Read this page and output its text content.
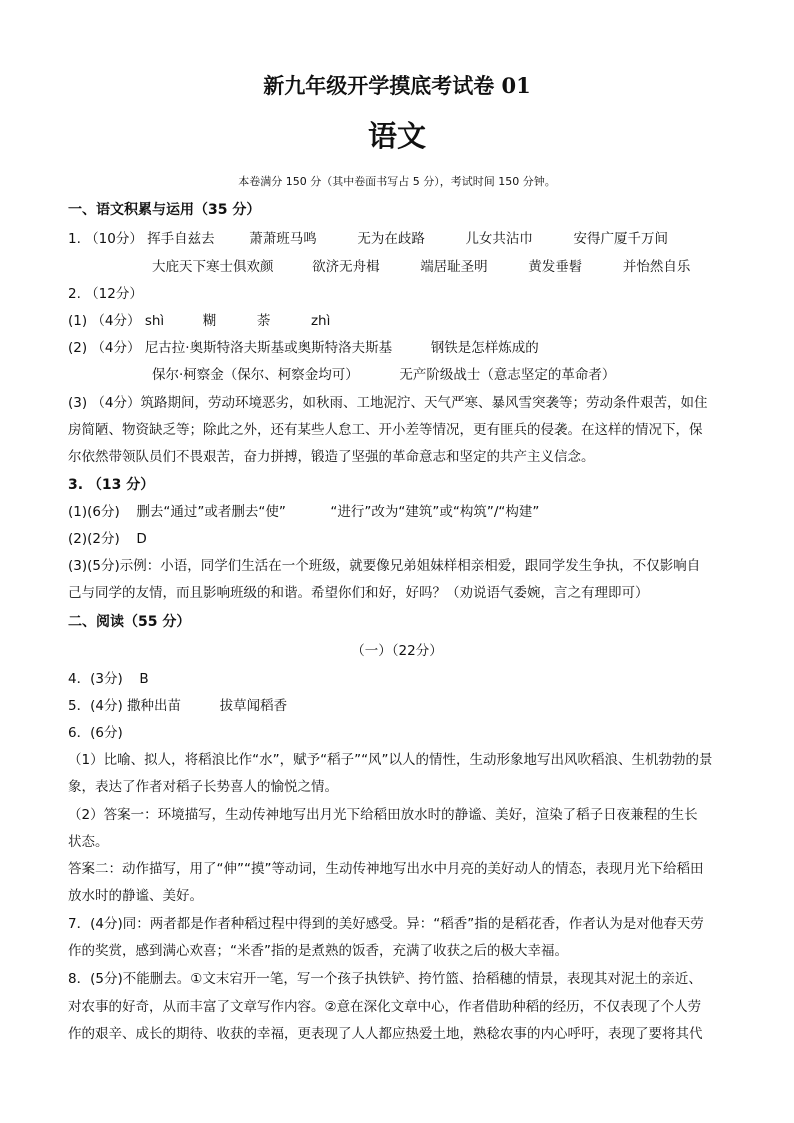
新九年级开学摸底考试卷 01
语文
本卷满分 150 分（其中卷面书写占 5 分），考试时间 150 分钟。
一、语文积累与运用（35 分）
1. （10分） 挥手自兹去	萧萧班马鸣	无为在歧路	儿女共沾巾	安得广厦千万间
大庇天下寒士俱欢颜	欲济无舟楫	端居耻圣明	黄发垂髫	并怡然自乐
2. （12分）
(1) （4分） shì	糊	荼	zhì
(2) （4分） 尼古拉·奥斯特洛夫斯基或奥斯特洛夫斯基	钢铁是怎样炼成的
保尔·柯察金（保尔、柯察金均可）	无产阶级战士（意志坚定的革命者）
(3) （4分）筑路期间，劳动环境恶劣，如秋雨、工地泥泞、天气严寒、暴风雪突袭等；劳动条件艰苦，如住
房简陋、物资缺乏等；除此之外，还有某些人怠工、开小差等情况，更有匪兵的侵袭。在这样的情况下，保
尔依然带领队员们不畏艰苦，奋力拼搏，锻造了坚强的革命意志和坚定的共产主义信念。
3. （13 分）
(1)(6分) 删去“通过”或者删去“使”	“进行”改为“建筑”或“构筑”/“构建”
(2)(2分) D
(3)(5分)示例：小语，同学们生活在一个班级，就要像兄弟姐妹样相亲相爱，跟同学发生争执，不仅影响自
己与同学的友情，而且影响班级的和谐。希望你们和好，好吗？（劝说语气委婉，言之有理即可）
二、阅读（55 分）
（一）（22分）
4．(3分) B
5．(4分) 撒种出苗	拔草闻稻香
6．(6分)
（1）比喻、拟人，将稻浪比作“水”，赋予“稻子”“风”以人的情性，生动形象地写出风吹稻浪、生机勃勃的景
象，表达了作者对稻子长势喜人的愉悦之情。
（2）答案一：环境描写，生动传神地写出月光下给稻田放水时的静谧、美好，渲染了稻子日夜兼程的生长
状态。
答案二：动作描写，用了“伸”“摸”等动词，生动传神地写出水中月亮的美好动人的情态，表现月光下给稻田
放水时的静谧、美好。
7．(4分)同：两者都是作者种稻过程中得到的美好感受。异：“稻香”指的是稻花香，作者认为是对他春天劳
作的奖赏，感到满心欢喜；“米香”指的是煮熟的饭香，充满了收获之后的极大幸福。
8．(5分)不能删去。①文末宕开一笔，写一个孩子执铁铲、挎竹篮、拾稻穗的情景，表现其对泥土的亲近、
对农事的好奇，从而丰富了文章写作内容。②意在深化文章中心，作者借助种稻的经历，不仅表现了个人劳
作的艰辛、成长的期待、收获的幸福，更表现了人人都应热爱土地，熟稔农事的内心呼吁，表现了要将其代
